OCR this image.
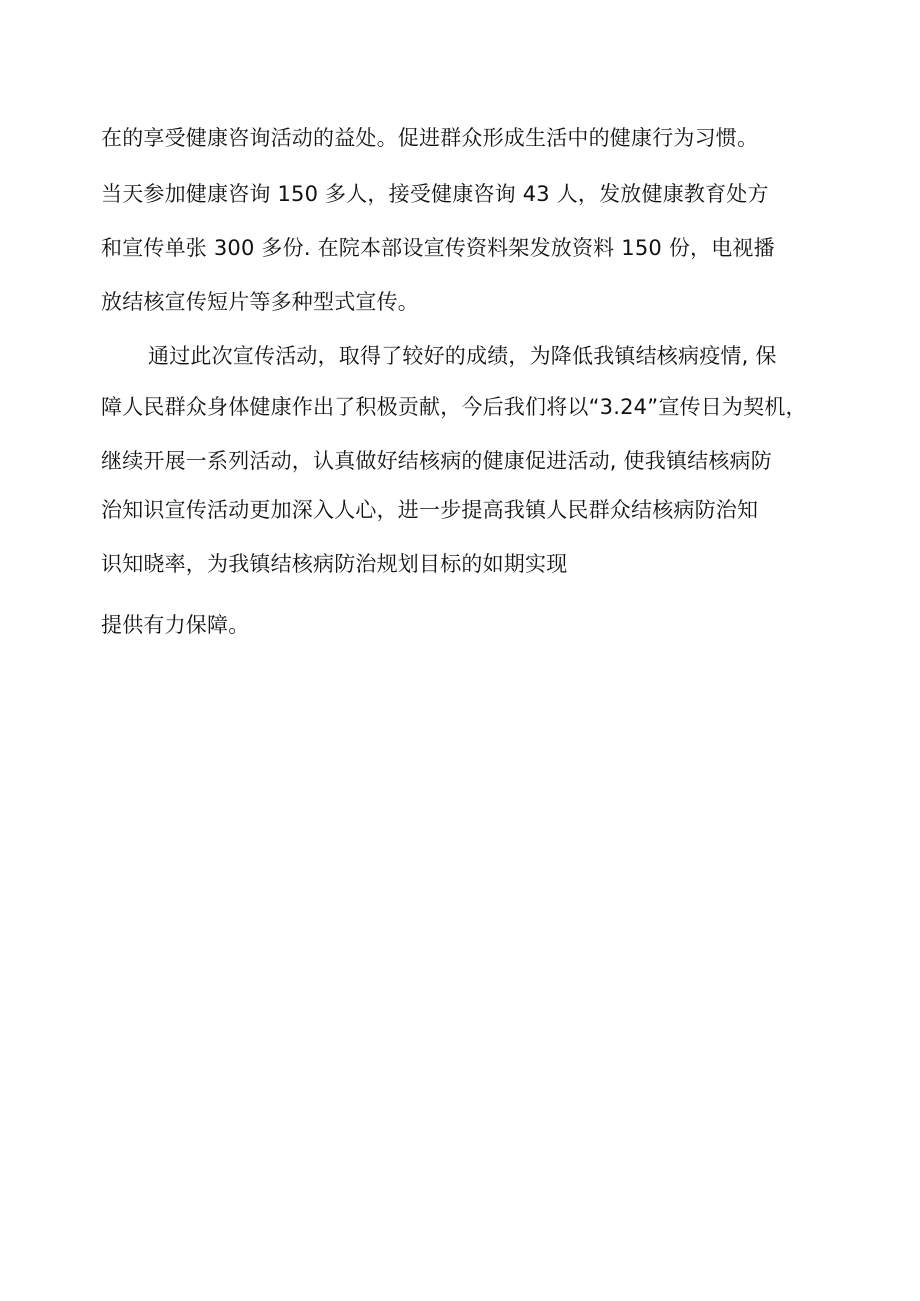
在的享受健康咨询活动的益处。促进群众形成生活中的健康行为习惯。
当天参加健康咨询 150 多人，接受健康咨询 43 人，发放健康教育处方
和宣传单张 300 多份. 在院本部设宣传资料架发放资料 150 份，电视播
放结核宣传短片等多种型式宣传。
通过此次宣传活动，取得了较好的成绩，为降低我镇结核病疫情, 保
障人民群众身体健康作出了积极贡献，今后我们将以“3.24”宣传日为契机，
继续开展一系列活动，认真做好结核病的健康促进活动, 使我镇结核病防
治知识宣传活动更加深入人心，进一步提高我镇人民群众结核病防治知
识知晓率，为我镇结核病防治规划目标的如期实现
提供有力保障。
